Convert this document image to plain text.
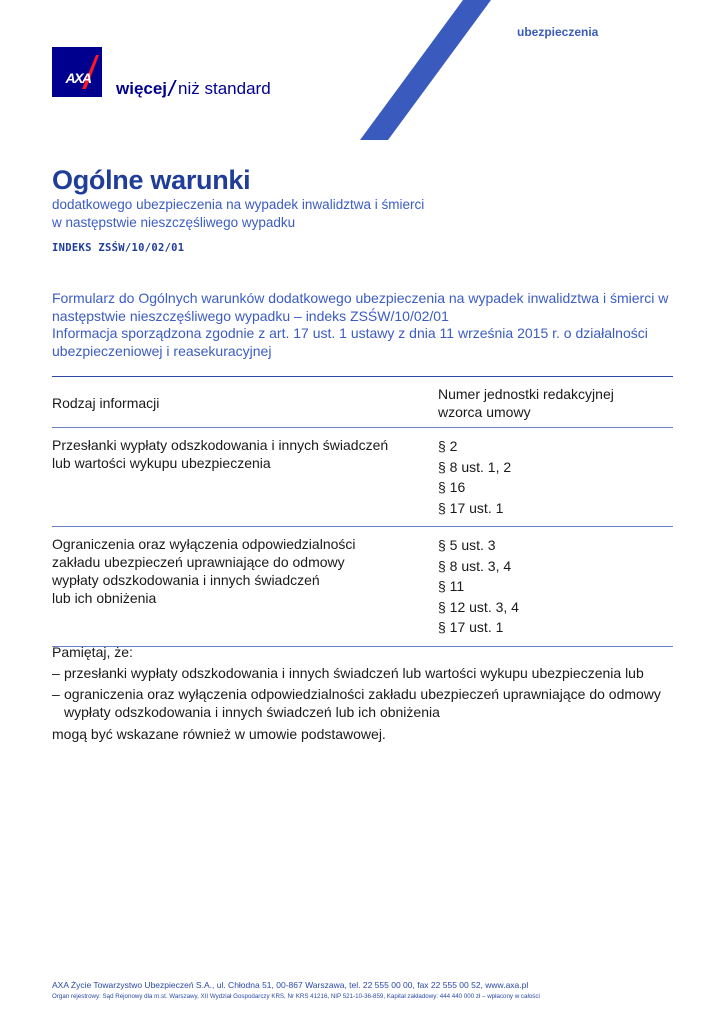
ubezpieczenia
AXA
więcej niż standard
Ogólne warunki
dodatkowego ubezpieczenia na wypadek inwalidztwa i śmierci
w następstwie nieszczęśliwego wypadku
INDEKS ZSŚW/10/02/01

Formularz do Ogólnych warunków dodatkowego ubezpieczenia na wypadek inwalidztwa i śmierci w następstwie nieszczęśliwego wypadku – indeks ZSŚW/10/02/01

Informacja sporządzona zgodnie z art. 17 ust. 1 ustawy z dnia 11 września 2015 r. o działalności ubezpieczeniowej i reasekuracyjnej

Rodzaj informacji
Numer jednostki redakcyjnej
wzorca umowy
Przesłanki wypłaty odszkodowania i innych świadczeń
lub wartości wykupu ubezpieczenia
§ 2
§ 8 ust. 1, 2
§ 16
§ 17 ust. 1
Ograniczenia oraz wyłączenia odpowiedzialności
zakładu ubezpieczeń uprawniające do odmowy
wypłaty odszkodowania i innych świadczeń
lub ich obniżenia
§ 5 ust. 3
§ 8 ust. 3, 4
§ 11
§ 12 ust. 3, 4
§ 17 ust. 1

Pamiętaj, że:

– przesłanki wypłaty odszkodowania i innych świadczeń lub wartości wykupu ubezpieczenia lub
– ograniczenia oraz wyłączenia odpowiedzialności zakładu ubezpieczeń uprawniające do odmowy wypłaty odszkodowania i innych świadczeń lub ich obniżenia

mogą być wskazane również w umowie podstawowej.

AXA Życie Towarzystwo Ubezpieczeń S.A., ul. Chłodna 51, 00-867 Warszawa, tel. 22 555 00 00, fax 22 555 00 52, www.axa.pl
Organ rejestrowy: Sąd Rejonowy dla m.st. Warszawy, XII Wydział Gospodarczy KRS, Nr KRS 41216, NIP 521-10-36-859, Kapitał zakładowy: 444 440 000 zł – wpłacony w całości
